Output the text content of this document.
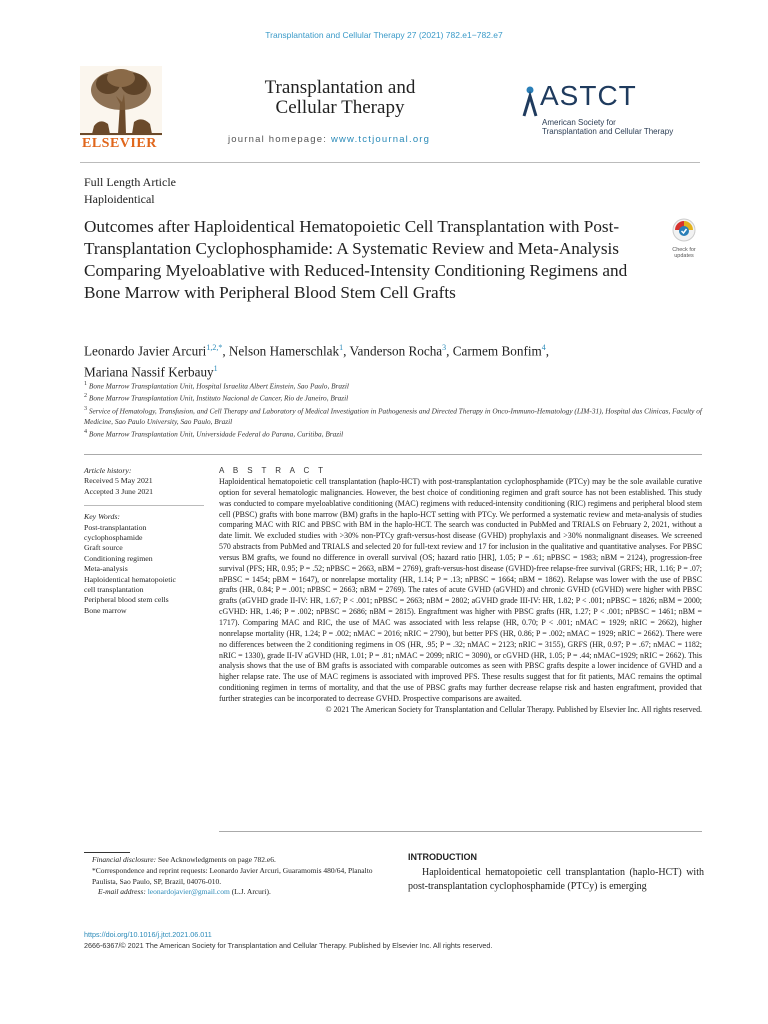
Transplantation and Cellular Therapy 27 (2021) 782.e1−782.e7
ELSEVIER
Transplantation and
Cellular Therapy
journal homepage: www.tctjournal.org
ASTCT
American Society for
Transplantation and Cellular Therapy
Full Length Article
Haploidentical
Outcomes after Haploidentical Hematopoietic Cell Transplantation with Post-Transplantation Cyclophosphamide: A Systematic Review and Meta-Analysis Comparing Myeloablative with Reduced-Intensity Conditioning Regimens and Bone Marrow with Peripheral Blood Stem Cell Grafts
Check for
updates
Leonardo Javier Arcuri$^{1,2,*}$, Nelson Hamerschlak$^1$, Vanderson Rocha$^3$, Carmem Bonfim$^4$,
Mariana Nassif Kerbauy$^1$
$^1$ Bone Marrow Transplantation Unit, Hospital Israelita Albert Einstein, Sao Paulo, Brazil
$^2$ Bone Marrow Transplantation Unit, Instituto Nacional de Cancer, Rio de Janeiro, Brazil
$^3$ Service of Hematology, Transfusion, and Cell Therapy and Laboratory of Medical Investigation in Pathogenesis and Directed Therapy in Onco-Immuno-Hematology (LIM-31), Hospital das Clinicas, Faculty of Medicine, Sao Paulo University, Sao Paulo, Brazil
$^4$ Bone Marrow Transplantation Unit, Universidade Federal do Parana, Curitiba, Brazil
Article history:
Received 5 May 2021
Accepted 3 June 2021
Key Words:
Post-transplantation
cyclophosphamide
Graft source
Conditioning regimen
Meta-analysis
Haploidentical hematopoietic
cell transplantation
Peripheral blood stem cells
Bone marrow
A B S T R A C T
Haploidentical hematopoietic cell transplantation (haplo-HCT) with post-transplantation cyclophosphamide (PTCy) may be the sole available curative option for several hematologic malignancies. However, the best choice of conditioning regimen and graft source has not been established. This study was conducted to compare myeloablative conditioning (MAC) regimens with reduced-intensity conditioning (RIC) regimens and peripheral blood stem cell (PBSC) grafts with bone marrow (BM) grafts in the haplo-HCT setting with PTCy. We performed a systematic review and meta-analysis of studies comparing MAC with RIC and PBSC with BM in the haplo-HCT. The search was conducted in PubMed and TRIALS on February 2, 2021, without a date limit. We excluded studies with >30% non-PTCy graft-versus-host disease (GVHD) prophylaxis and >30% nonmalignant diseases. We screened 570 abstracts from PubMed and TRIALS and selected 20 for full-text review and 17 for inclusion in the qualitative and quantitative analyses. For PBSC versus BM grafts, we found no difference in overall survival (OS; hazard ratio [HR], 1.05; P = .61; nPBSC = 1983; nBM = 2124), progression-free survival (PFS; HR, 0.95; P = .52; nPBSC = 2663, nBM = 2769), graft-versus-host disease (GVHD)-free relapse-free survival (GRFS; HR, 1.16; P = .07; nPBSC = 1454; pBM = 1647), or nonrelapse mortality (HR, 1.14; P = .13; nPBSC = 1664; nBM = 1862). Relapse was lower with the use of PBSC grafts (HR, 0.84; P = .001; nPBSC = 2663; nBM = 2769). The rates of acute GVHD (aGVHD) and chronic GVHD (cGVHD) were higher with PBSC grafts (aGVHD grade II-IV: HR, 1.67; P < .001; nPBSC = 2663; nBM = 2802; aGVHD grade III-IV: HR, 1.82; P < .001; nPBSC = 1826; nBM = 2000; cGVHD: HR, 1.46; P = .002; nPBSC = 2686; nBM = 2815). Engraftment was higher with PBSC grafts (HR, 1.27; P < .001; nPBSC = 1461; nBM = 1717). Comparing MAC and RIC, the use of MAC was associated with less relapse (HR, 0.70; P < .001; nMAC = 1929; nRIC = 2662), higher nonrelapse mortality (HR, 1.24; P = .002; nMAC = 2016; nRIC = 2790), but better PFS (HR, 0.86; P = .002; nMAC = 1929; nRIC = 2662). There were no differences between the 2 conditioning regimens in OS (HR, .95; P = .32; nMAC = 2123; nRIC = 3155), GRFS (HR, 0.97; P = .67; nMAC = 1182; nRIC = 1330), grade II-IV aGVHD (HR, 1.01; P = .81; nMAC = 2099; nRIC = 3090), or cGVHD (HR, 1.05; P = .44; nMAC=1929; nRIC = 2662). This analysis shows that the use of BM grafts is associated with comparable outcomes as seen with PBSC grafts despite a lower incidence of GVHD and a higher relapse rate. The use of MAC regimens is associated with improved PFS. These results suggest that for fit patients, MAC remains the optimal conditioning regimen in terms of mortality, and that the use of PBSC grafts may further decrease relapse risk and hasten engraftment, provided that further strategies can be incorporated to decrease GVHD. Prospective comparisons are awaited.
© 2021 The American Society for Transplantation and Cellular Therapy. Published by Elsevier Inc. All rights reserved.
Financial disclosure: See Acknowledgments on page 782.e6.
*Correspondence and reprint requests: Leonardo Javier Arcuri, Guaramomis 480/64, Planalto Paulista, Sao Paulo, SP, Brazil, 04076-010.
E-mail address: leonardojavier@gmail.com (L.J. Arcuri).
INTRODUCTION
Haploidentical hematopoietic cell transplantation (haplo-HCT) with post-transplantation cyclophosphamide (PTCy) is emerging
https://doi.org/10.1016/j.jtct.2021.06.011
2666-6367/© 2021 The American Society for Transplantation and Cellular Therapy. Published by Elsevier Inc. All rights reserved.
